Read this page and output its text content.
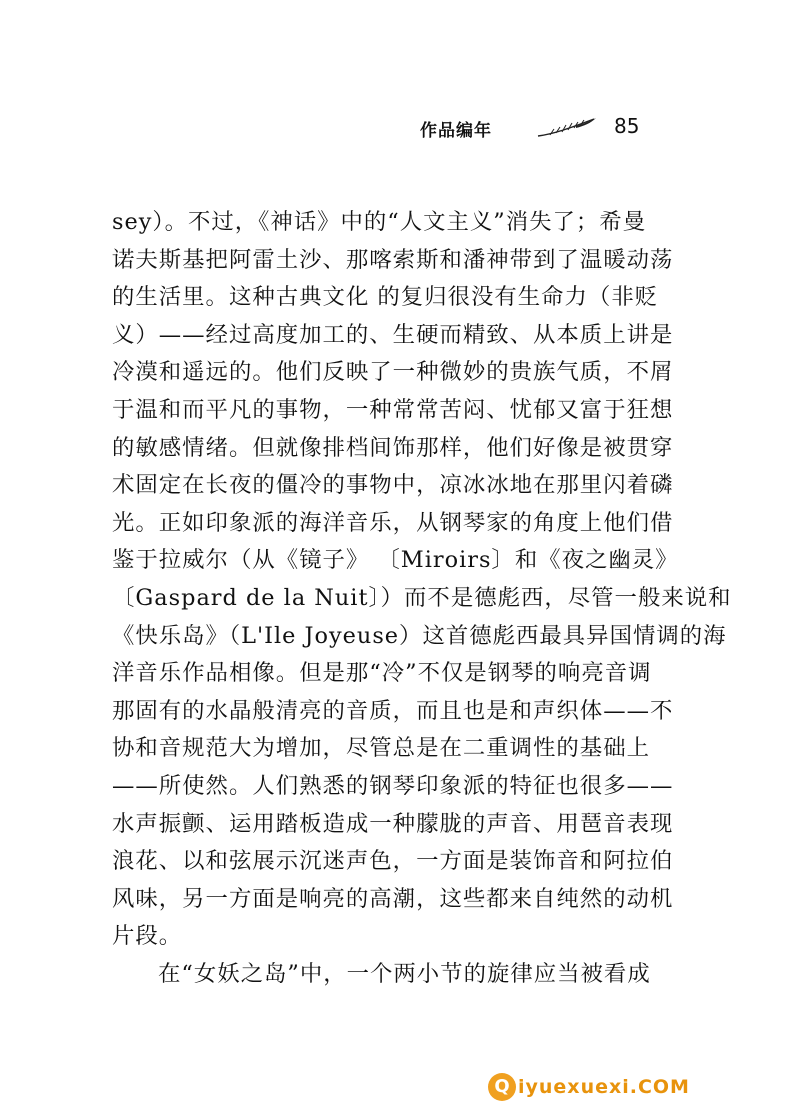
作品编年	85
sey）。不过，《神话》中的“人文主义”消失了；希曼
诺夫斯基把阿雷土沙、那喀索斯和潘神带到了温暖动荡
的生活里。这种古典文化 的复归很没有生命力（非贬
义）——经过高度加工的、生硬而精致、从本质上讲是
冷漠和遥远的。他们反映了一种微妙的贵族气质，不屑
于温和而平凡的事物，一种常常苦闷、忧郁又富于狂想
的敏感情绪。但就像排档间饰那样，他们好像是被贯穿
术固定在长夜的僵冷的事物中，凉冰冰地在那里闪着磷
光。正如印象派的海洋音乐，从钢琴家的角度上他们借
鉴于拉威尔（从《镜子》 〔Miroirs〕和《夜之幽灵》
〔Gaspard de la Nuit〕）而不是德彪西，尽管一般来说和
《快乐岛》（L'Ile Joyeuse）这首德彪西最具异国情调的海
洋音乐作品相像。但是那“冷”不仅是钢琴的响亮音调
那固有的水晶般清亮的音质，而且也是和声织体——不
协和音规范大为增加，尽管总是在二重调性的基础上
——所使然。人们熟悉的钢琴印象派的特征也很多——
水声振颤、运用踏板造成一种朦胧的声音、用琶音表现
浪花、以和弦展示沉迷声色，一方面是装饰音和阿拉伯
风味，另一方面是响亮的高潮，这些都来自纯然的动机
片段。
在“女妖之岛”中，一个两小节的旋律应当被看成
Q iyuexuexi.COM
